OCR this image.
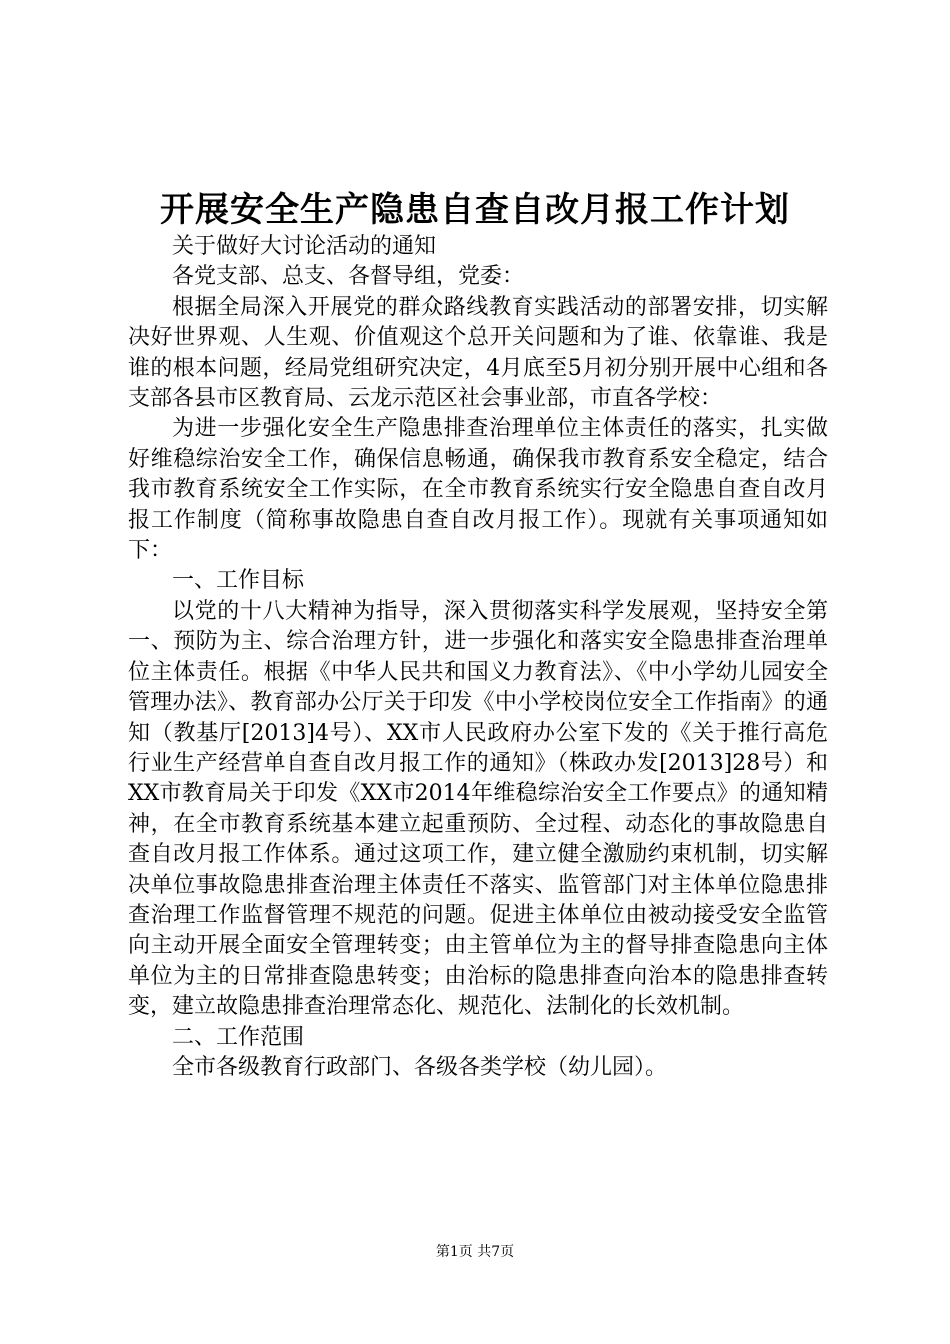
开展安全生产隐患自查自改月报工作计划

关于做好大讨论活动的通知

各党支部、总支、各督导组，党委：

根据全局深入开展党的群众路线教育实践活动的部署安排，切实解决好世界观、人生观、价值观这个总开关问题和为了谁、依靠谁、我是谁的根本问题，经局党组研究决定，4月底至5月初分别开展中心组和各支部各县市区教育局、云龙示范区社会事业部，市直各学校：

为进一步强化安全生产隐患排查治理单位主体责任的落实，扎实做好维稳综治安全工作，确保信息畅通，确保我市教育系安全稳定，结合我市教育系统安全工作实际，在全市教育系统实行安全隐患自查自改月报工作制度（简称事故隐患自查自改月报工作）。现就有关事项通知如下：

一、工作目标

以党的十八大精神为指导，深入贯彻落实科学发展观，坚持安全第一、预防为主、综合治理方针，进一步强化和落实安全隐患排查治理单位主体责任。根据《中华人民共和国义力教育法》、《中小学幼儿园安全管理办法》、教育部办公厅关于印发《中小学校岗位安全工作指南》的通知（教基厅[2013]4号）、XX市人民政府办公室下发的《关于推行高危行业生产经营单自查自改月报工作的通知》（株政办发[2013]28号）和XX市教育局关于印发《XX市2014年维稳综治安全工作要点》的通知精神，在全市教育系统基本建立起重预防、全过程、动态化的事故隐患自查自改月报工作体系。通过这项工作，建立健全激励约束机制，切实解决单位事故隐患排查治理主体责任不落实、监管部门对主体单位隐患排查治理工作监督管理不规范的问题。促进主体单位由被动接受安全监管向主动开展全面安全管理转变；由主管单位为主的督导排查隐患向主体单位为主的日常排查隐患转变；由治标的隐患排查向治本的隐患排查转变，建立故隐患排查治理常态化、规范化、法制化的长效机制。

二、工作范围

全市各级教育行政部门、各级各类学校（幼儿园）。

第1页 共7页
